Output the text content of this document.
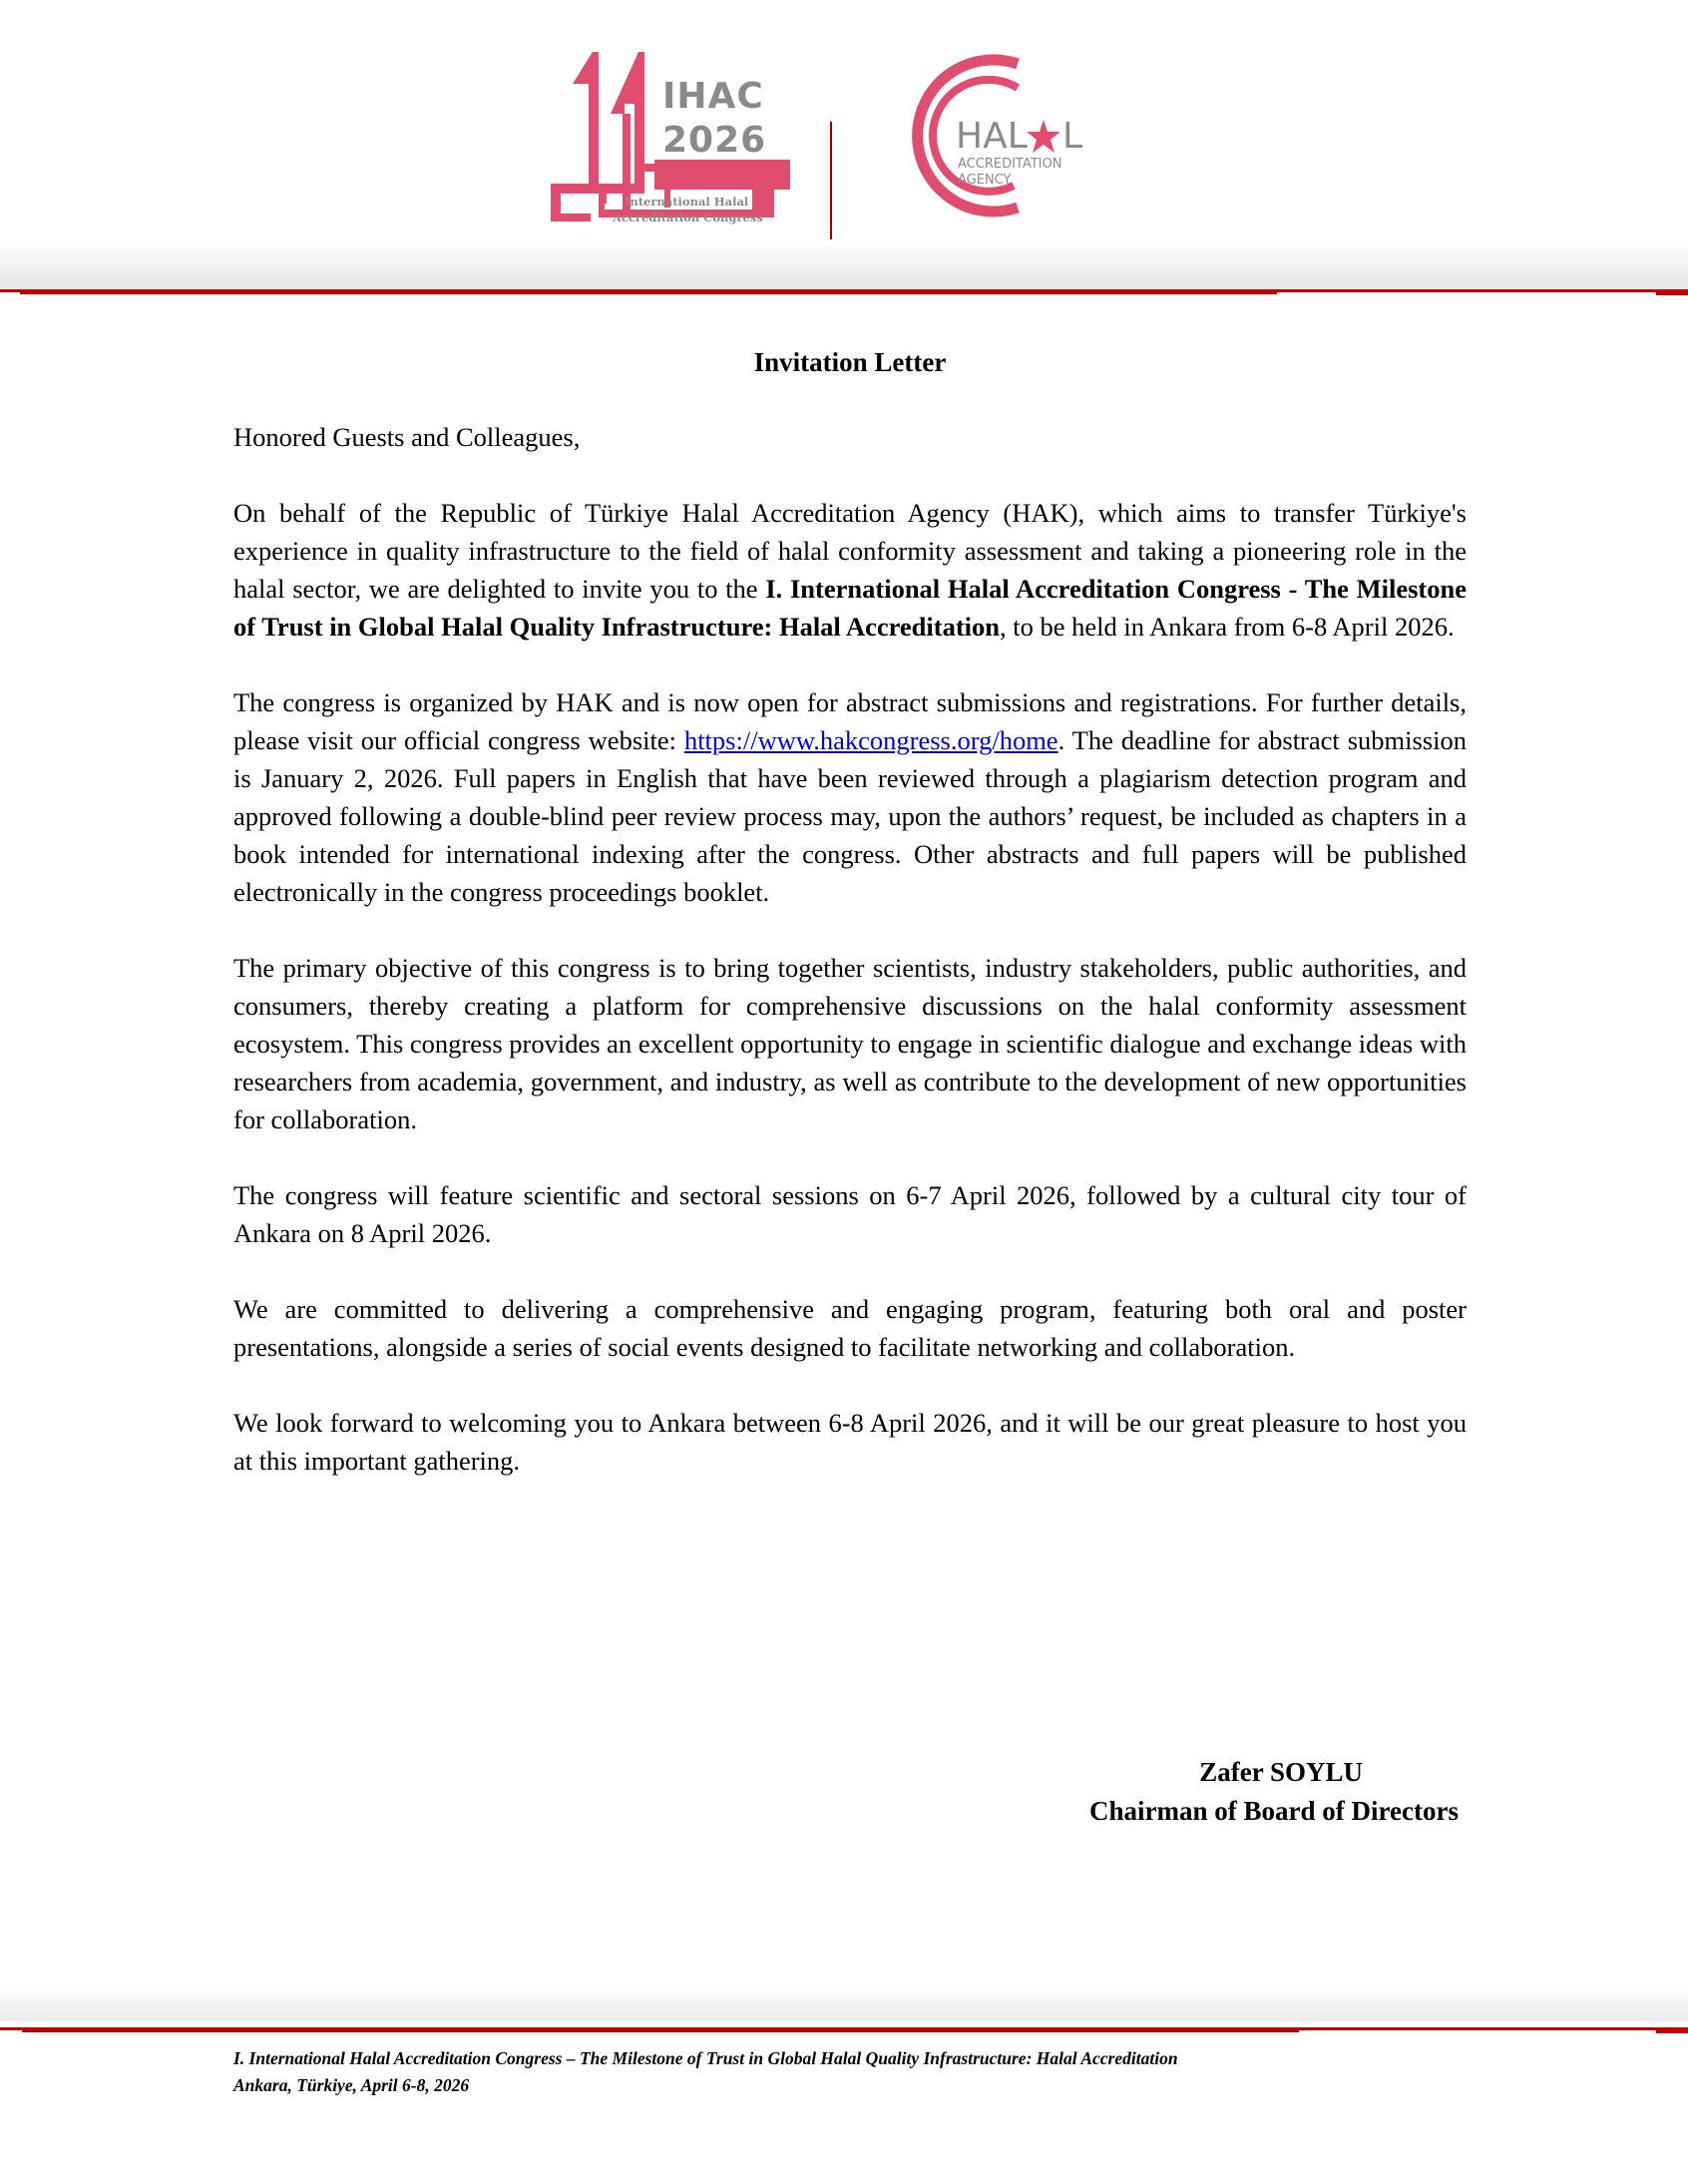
IHAC
2026
International Halal
Accreditation Congress
HAL L
ACCREDITATION
AGENCY
Invitation Letter

Honored Guests and Colleagues,

On behalf of the Republic of Türkiye Halal Accreditation Agency (HAK), which aims to transfer Türkiye's experience in quality infrastructure to the field of halal conformity assessment and taking a pioneering role in the halal sector, we are delighted to invite you to the I. International Halal Accreditation Congress - The Milestone of Trust in Global Halal Quality Infrastructure: Halal Accreditation, to be held in Ankara from 6-8 April 2026.

The congress is organized by HAK and is now open for abstract submissions and registrations. For further details, please visit our official congress website: https://www.hakcongress.org/home. The deadline for abstract submission is January 2, 2026. Full papers in English that have been reviewed through a plagiarism detection program and approved following a double-blind peer review process may, upon the authors’ request, be included as chapters in a book intended for international indexing after the congress. Other abstracts and full papers will be published electronically in the congress proceedings booklet.

The primary objective of this congress is to bring together scientists, industry stakeholders, public authorities, and consumers, thereby creating a platform for comprehensive discussions on the halal conformity assessment ecosystem. This congress provides an excellent opportunity to engage in scientific dialogue and exchange ideas with researchers from academia, government, and industry, as well as contribute to the development of new opportunities for collaboration.

The congress will feature scientific and sectoral sessions on 6-7 April 2026, followed by a cultural city tour of Ankara on 8 April 2026.

We are committed to delivering a comprehensive and engaging program, featuring both oral and poster presentations, alongside a series of social events designed to facilitate networking and collaboration.

We look forward to welcoming you to Ankara between 6-8 April 2026, and it will be our great pleasure to host you at this important gathering.

Zafer SOYLU
Chairman of Board of Directors
I. International Halal Accreditation Congress – The Milestone of Trust in Global Halal Quality Infrastructure: Halal Accreditation
Ankara, Türkiye, April 6-8, 2026
